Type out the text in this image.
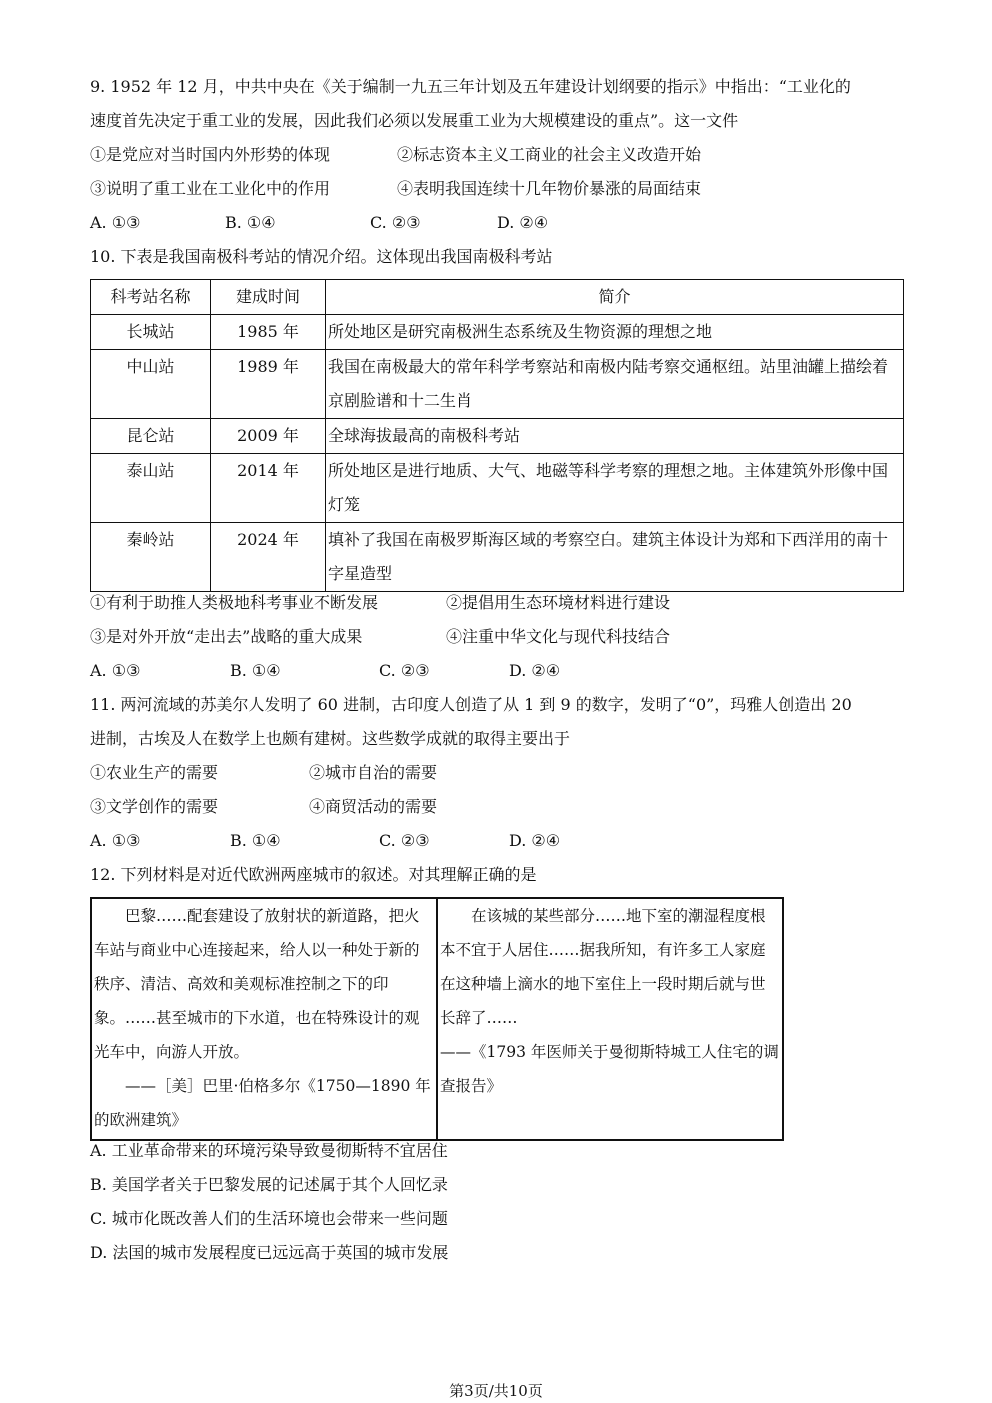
9. 1952 年 12 月，中共中央在《关于编制一九五三年计划及五年建设计划纲要的指示》中指出：“工业化的
速度首先决定于重工业的发展，因此我们必须以发展重工业为大规模建设的重点”。这一文件
①是党应对当时国内外形势的体现	②标志资本主义工商业的社会主义改造开始
③说明了重工业在工业化中的作用	④表明我国连续十几年物价暴涨的局面结束
A. ①③	B. ①④	C. ②③	D. ②④
10. 下表是我国南极科考站的情况介绍。这体现出我国南极科考站
科考站名称	建成时间	简介
长城站	1985 年	所处地区是研究南极洲生态系统及生物资源的理想之地
中山站	1989 年	我国在南极最大的常年科学考察站和南极内陆考察交通枢纽。站里油罐上描绘着京剧脸谱和十二生肖
昆仑站	2009 年	全球海拔最高的南极科考站
泰山站	2014 年	所处地区是进行地质、大气、地磁等科学考察的理想之地。主体建筑外形像中国灯笼
秦岭站	2024 年	填补了我国在南极罗斯海区域的考察空白。建筑主体设计为郑和下西洋用的南十字星造型
①有利于助推人类极地科考事业不断发展	②提倡用生态环境材料进行建设
③是对外开放“走出去”战略的重大成果	④注重中华文化与现代科技结合
A. ①③	B. ①④	C. ②③	D. ②④
11. 两河流域的苏美尔人发明了 60 进制，古印度人创造了从 1 到 9 的数字，发明了“0”，玛雅人创造出 20
进制，古埃及人在数学上也颇有建树。这些数学成就的取得主要出于
①农业生产的需要	②城市自治的需要
③文学创作的需要	④商贸活动的需要
A. ①③	B. ①④	C. ②③	D. ②④
12. 下列材料是对近代欧洲两座城市的叙述。对其理解正确的是

巴黎……配套建设了放射状的新道路，把火车站与商业中心连接起来，给人以一种处于新的秩序、清洁、高效和美观标准控制之下的印象。……甚至城市的下水道，也在特殊设计的观光车中，向游人开放。

——［美］巴里·伯格多尔《1750—1890 年的欧洲建筑》

在该城的某些部分……地下室的潮湿程度根本不宜于人居住……据我所知，有许多工人家庭在这种墙上滴水的地下室住上一段时期后就与世长辞了……

——《1793 年医师关于曼彻斯特城工人住宅的调查报告》

A. 工业革命带来的环境污染导致曼彻斯特不宜居住
B. 美国学者关于巴黎发展的记述属于其个人回忆录
C. 城市化既改善人们的生活环境也会带来一些问题
D. 法国的城市发展程度已远远高于英国的城市发展
第3页/共10页
